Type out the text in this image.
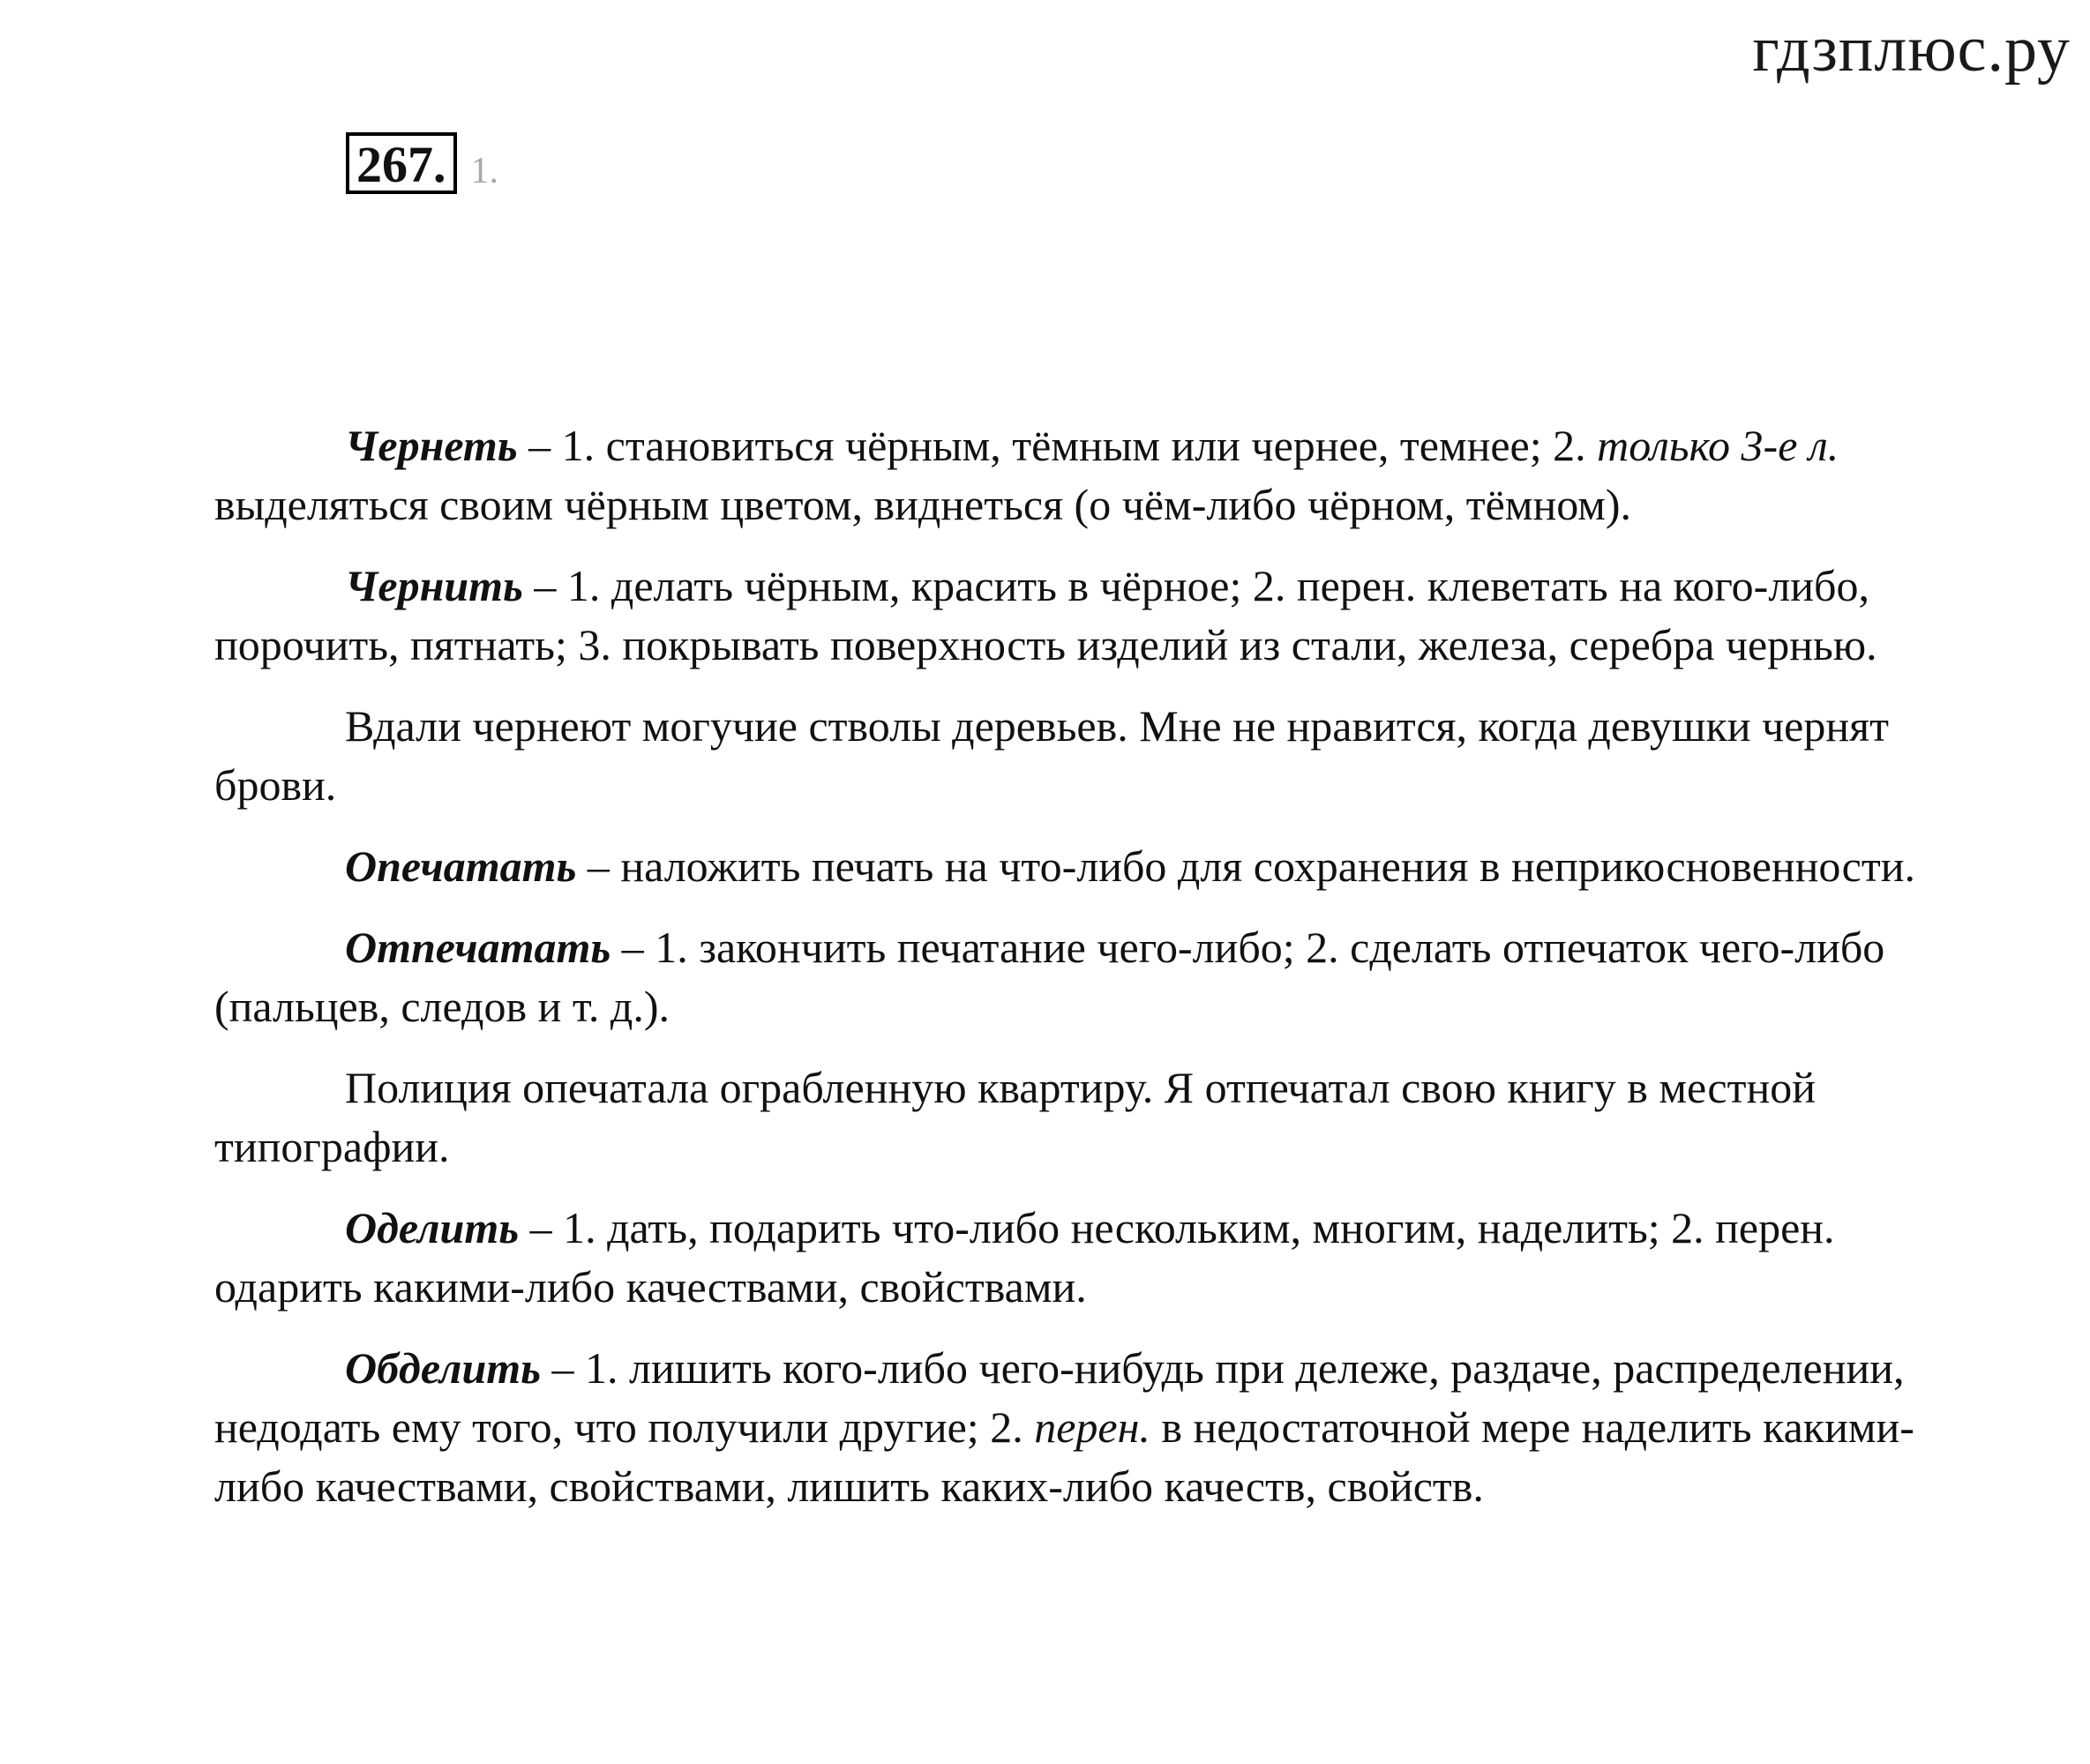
гдзплюс.ру
267. 1.

Чернеть – 1. становиться чёрным, тёмным или чернее, темнее; 2. только 3-е л. выделяться своим чёрным цветом, виднеться (о чём-либо чёрном, тёмном).

Чернить – 1. делать чёрным, красить в чёрное; 2. перен. клеветать на кого-либо, порочить, пятнать; 3. покрывать поверхность изделий из стали, железа, серебра чернью.

Вдали чернеют могучие стволы деревьев. Мне не нравится, когда девушки чернят брови.

Опечатать – наложить печать на что-либо для сохранения в неприкосновенности.

Отпечатать – 1. закончить печатание чего-либо; 2. сделать отпечаток чего-либо (пальцев, следов и т. д.).

Полиция опечатала ограбленную квартиру. Я отпечатал свою книгу в местной типографии.

Оделить – 1. дать, подарить что-либо нескольким, многим, наделить; 2. перен. одарить какими-либо качествами, свойствами.

Обделить – 1. лишить кого-либо чего-нибудь при дележе, раздаче, распределении, недодать ему того, что получили другие; 2. перен. в недостаточной мере наделить какими-либо качествами, свойствами, лишить каких-либо качеств, свойств.
